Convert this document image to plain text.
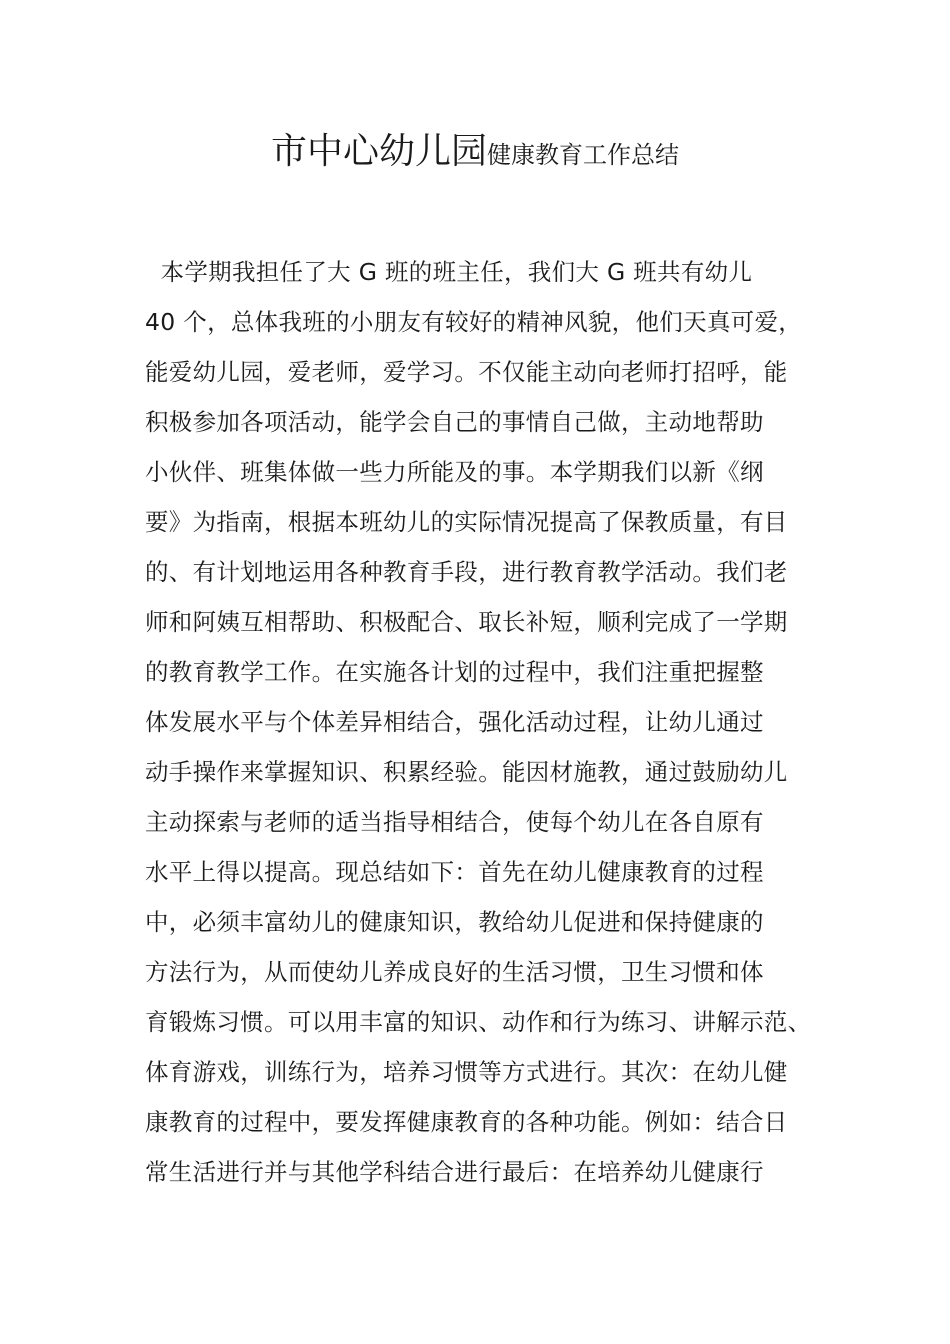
市中心幼儿园健康教育工作总结
本学期我担任了大 G 班的班主任，我们大 G 班共有幼儿
40 个，总体我班的小朋友有较好的精神风貌，他们天真可爱，
能爱幼儿园，爱老师，爱学习。不仅能主动向老师打招呼，能
积极参加各项活动，能学会自己的事情自己做，主动地帮助
小伙伴、班集体做一些力所能及的事。本学期我们以新《纲
要》为指南，根据本班幼儿的实际情况提高了保教质量，有目
的、有计划地运用各种教育手段，进行教育教学活动。我们老
师和阿姨互相帮助、积极配合、取长补短，顺利完成了一学期
的教育教学工作。在实施各计划的过程中，我们注重把握整
体发展水平与个体差异相结合，强化活动过程，让幼儿通过
动手操作来掌握知识、积累经验。能因材施教，通过鼓励幼儿
主动探索与老师的适当指导相结合，使每个幼儿在各自原有
水平上得以提高。现总结如下：首先在幼儿健康教育的过程
中，必须丰富幼儿的健康知识，教给幼儿促进和保持健康的
方法行为，从而使幼儿养成良好的生活习惯，卫生习惯和体
育锻炼习惯。可以用丰富的知识、动作和行为练习、讲解示范、
体育游戏，训练行为，培养习惯等方式进行。其次：在幼儿健
康教育的过程中，要发挥健康教育的各种功能。例如：结合日
常生活进行并与其他学科结合进行最后：在培养幼儿健康行
